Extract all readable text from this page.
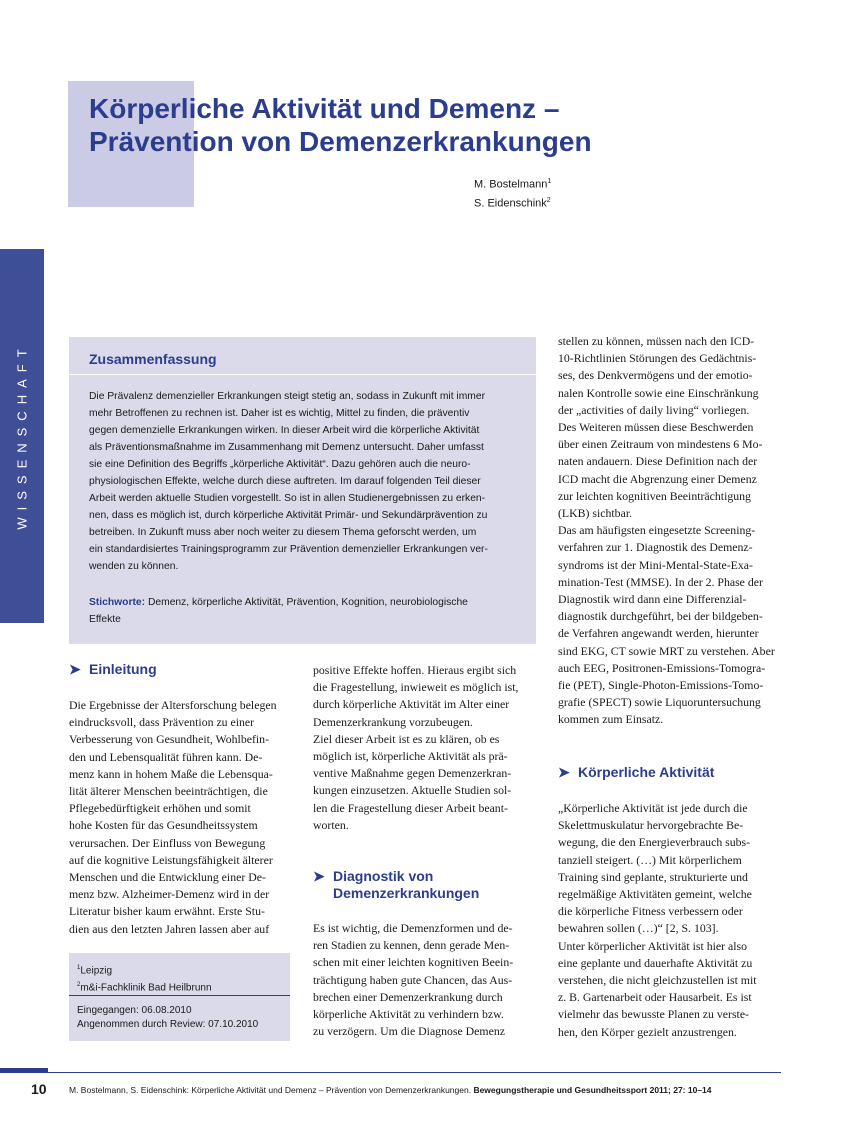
Körperliche Aktivität und Demenz –
Prävention von Demenzerkrankungen
M. Bostelmann$^1$
S. Eidenschink$^2$
WISSENSCHAFT	Zusammenfassung

Die Prävalenz demenzieller Erkrankungen steigt stetig an, sodass in Zukunft mit immer
mehr Betroffenen zu rechnen ist. Daher ist es wichtig, Mittel zu finden, die präventiv
gegen demenzielle Erkrankungen wirken. In dieser Arbeit wird die körperliche Aktivität
als Präventionsmaßnahme im Zusammenhang mit Demenz untersucht. Daher umfasst
sie eine Definition des Begriffs „körperliche Aktivität“. Dazu gehören auch die neuro-
physiologischen Effekte, welche durch diese auftreten. Im darauf folgenden Teil dieser
Arbeit werden aktuelle Studien vorgestellt. So ist in allen Studienergebnissen zu erken-
nen, dass es möglich ist, durch körperliche Aktivität Primär- und Sekundärprävention zu
betreiben. In Zukunft muss aber noch weiter zu diesem Thema geforscht werden, um
ein standardisiertes Trainingsprogramm zur Prävention demenzieller Erkrankungen ver-
wenden zu können.

Stichworte: Demenz, körperliche Aktivität, Prävention, Kognition, neurobiologische
Effekte

➤ Einleitung
Die Ergebnisse der Altersforschung belegen
eindrucksvoll, dass Prävention zu einer
Verbesserung von Gesundheit, Wohlbefin-
den und Lebensqualität führen kann. De-
menz kann in hohem Maße die Lebensqua-
lität älterer Menschen beeinträchtigen, die
Pflegebedürftigkeit erhöhen und somit
hohe Kosten für das Gesundheitssystem
verursachen. Der Einfluss von Bewegung
auf die kognitive Leistungsfähigkeit älterer
Menschen und die Entwicklung einer De-
menz bzw. Alzheimer-Demenz wird in der
Literatur bisher kaum erwähnt. Erste Stu-
dien aus den letzten Jahren lassen aber auf
$^1$Leipzig
$^2$m&i-Fachklinik Bad Heilbrunn
Eingegangen: 06.08.2010
Angenommen durch Review: 07.10.2010
positive Effekte hoffen. Hieraus ergibt sich
die Fragestellung, inwieweit es möglich ist,
durch körperliche Aktivität im Alter einer
Demenzerkrankung vorzubeugen.
Ziel dieser Arbeit ist es zu klären, ob es
möglich ist, körperliche Aktivität als prä-
ventive Maßnahme gegen Demenzerkran-
kungen einzusetzen. Aktuelle Studien sol-
len die Fragestellung dieser Arbeit beant-
worten.
➤ Diagnostik von
Demenzerkrankungen
Es ist wichtig, die Demenzformen und de-
ren Stadien zu kennen, denn gerade Men-
schen mit einer leichten kognitiven Beein-
trächtigung haben gute Chancen, das Aus-
brechen einer Demenzerkrankung durch
körperliche Aktivität zu verhindern bzw.
zu verzögern. Um die Diagnose Demenz
stellen zu können, müssen nach den ICD-
10-Richtlinien Störungen des Gedächtnis-
ses, des Denkvermögens und der emotio-
nalen Kontrolle sowie eine Einschränkung
der „activities of daily living“ vorliegen.
Des Weiteren müssen diese Beschwerden
über einen Zeitraum von mindestens 6 Mo-
naten andauern. Diese Definition nach der
ICD macht die Abgrenzung einer Demenz
zur leichten kognitiven Beeinträchtigung
(LKB) sichtbar.
Das am häufigsten eingesetzte Screening-
verfahren zur 1. Diagnostik des Demenz-
syndroms ist der Mini-Mental-State-Exa-
mination-Test (MMSE). In der 2. Phase der
Diagnostik wird dann eine Differenzial-
diagnostik durchgeführt, bei der bildgeben-
de Verfahren angewandt werden, hierunter
sind EKG, CT sowie MRT zu verstehen. Aber
auch EEG, Positronen-Emissions-Tomogra-
fie (PET), Single-Photon-Emissions-Tomo-
grafie (SPECT) sowie Liquoruntersuchung
kommen zum Einsatz.
➤ Körperliche Aktivität
„Körperliche Aktivität ist jede durch die
Skelettmuskulatur hervorgebrachte Be-
wegung, die den Energieverbrauch subs-
tanziell steigert. (…) Mit körperlichem
Training sind geplante, strukturierte und
regelmäßige Aktivitäten gemeint, welche
die körperliche Fitness verbessern oder
bewahren sollen (…)“ [2, S. 103].
Unter körperlicher Aktivität ist hier also
eine geplante und dauerhafte Aktivität zu
verstehen, die nicht gleichzustellen ist mit
z. B. Gartenarbeit oder Hausarbeit. Es ist
vielmehr das bewusste Planen zu verste-
hen, den Körper gezielt anzustrengen.
10	M. Bostelmann, S. Eidenschink: Körperliche Aktivität und Demenz – Prävention von Demenzerkrankungen. Bewegungstherapie und Gesundheitssport 2011; 27: 10–14
